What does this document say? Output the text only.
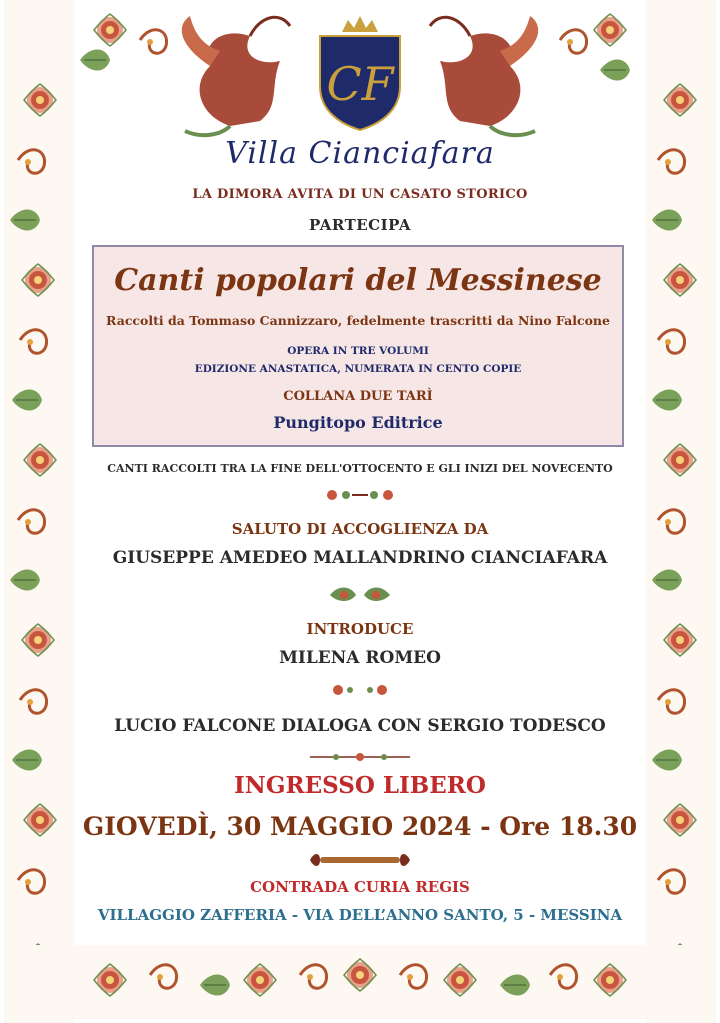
CF
Villa Cianciafara
LA DIMORA AVITA DI UN CASATO STORICO
PARTECIPA
Canti popolari del Messinese
Raccolti da Tommaso Cannizzaro, fedelmente trascritti da Nino Falcone
OPERA IN TRE VOLUMI
EDIZIONE ANASTATICA, NUMERATA IN CENTO COPIE
COLLANA DUE TARÌ
Pungitopo Editrice
CANTI RACCOLTI TRA LA FINE DELL'OTTOCENTO E GLI INIZI DEL NOVECENTO
SALUTO DI ACCOGLIENZA DA
GIUSEPPE AMEDEO MALLANDRINO CIANCIAFARA
INTRODUCE
MILENA ROMEO
LUCIO FALCONE DIALOGA CON SERGIO TODESCO
INGRESSO LIBERO
GIOVEDÌ, 30 MAGGIO 2024 - Ore 18.30
CONTRADA CURIA REGIS
VILLAGGIO ZAFFERIA - VIA DELL’ANNO SANTO, 5 - MESSINA
